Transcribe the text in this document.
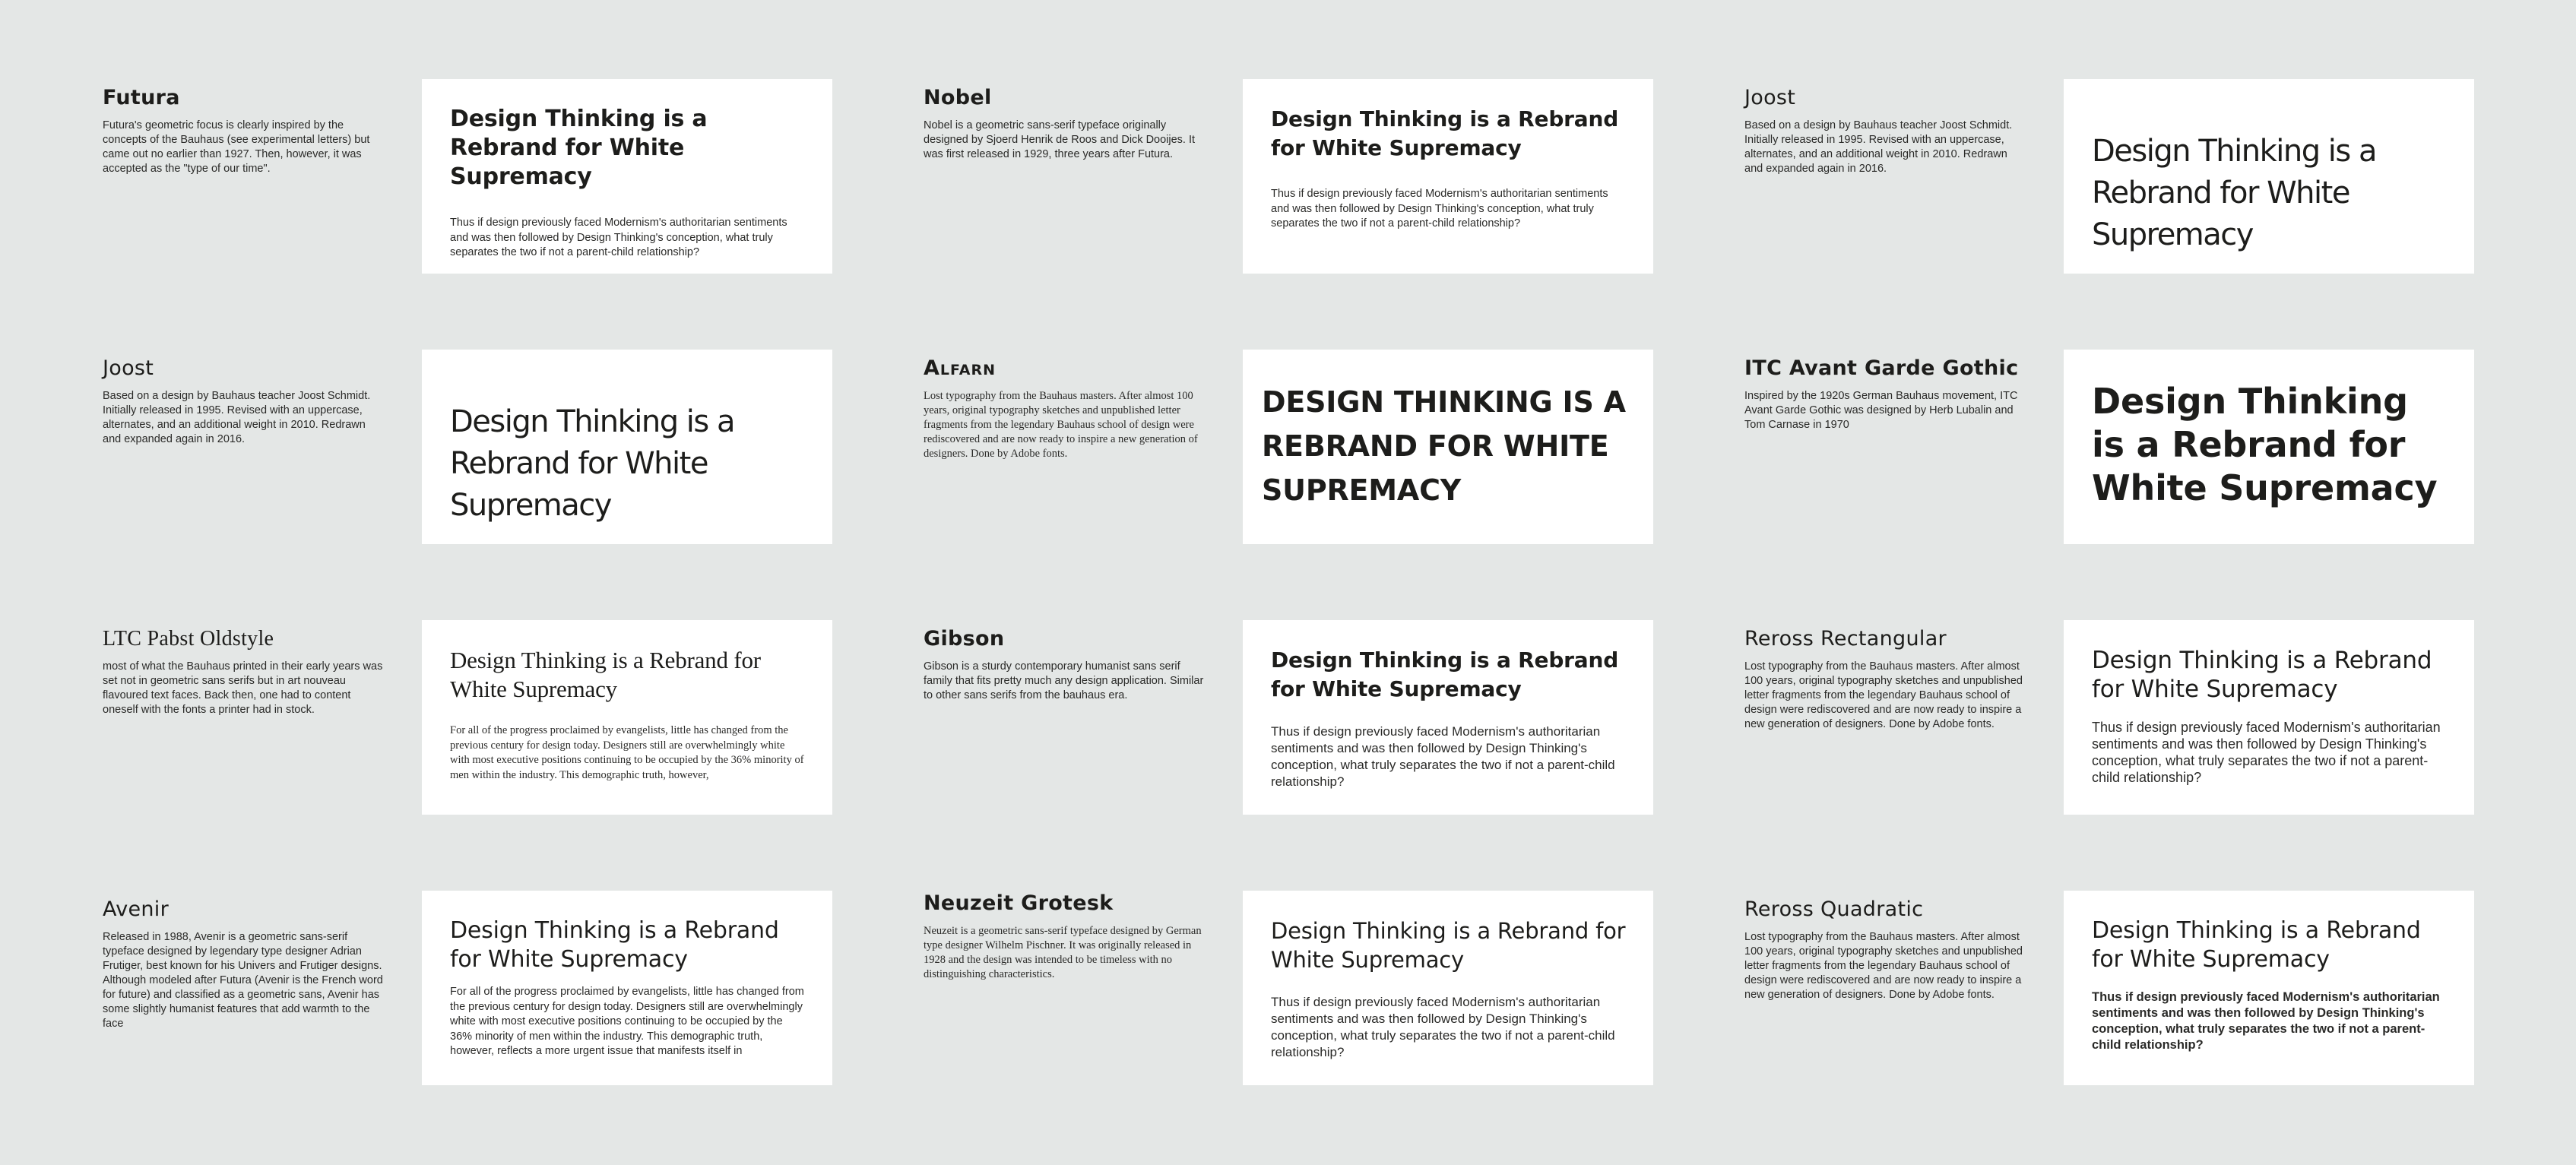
Futura

Futura's geometric focus is clearly inspired by the concepts of the Bauhaus (see experimental letters) but came out no earlier than 1927. Then, however, it was accepted as the "type of our time".

Design Thinking is a Rebrand for White Supremacy

Thus if design previously faced Modernism's authoritarian sentiments and was then followed by Design Thinking's conception, what truly separates the two if not a parent-child relationship?

Nobel

Nobel is a geometric sans-serif typeface originally designed by Sjoerd Henrik de Roos and Dick Dooijes. It was first released in 1929, three years after Futura.

Design Thinking is a Rebrand for White Supremacy

Thus if design previously faced Modernism's authoritarian sentiments and was then followed by Design Thinking's conception, what truly separates the two if not a parent-child relationship?

Joost

Based on a design by Bauhaus teacher Joost Schmidt. Initially released in 1995. Revised with an uppercase, alternates, and an additional weight in 2010. Redrawn and expanded again in 2016.	Design Thinking is a Rebrand for White Supremacy
Joost

Based on a design by Bauhaus teacher Joost Schmidt. Initially released in 1995. Revised with an uppercase, alternates, and an additional weight in 2010. Redrawn and expanded again in 2016.	Design Thinking is a Rebrand for White Supremacy
Alfarn

Lost typography from the Bauhaus masters. After almost 100 years, original typography sketches and unpublished letter fragments from the legendary Bauhaus school of design were rediscovered and are now ready to inspire a new generation of designers. Done by Adobe fonts.

DESIGN THINKING IS A REBRAND FOR WHITE SUPREMACY
ITC Avant Garde Gothic

Inspired by the 1920s German Bauhaus movement, ITC Avant Garde Gothic was designed by Herb Lubalin and Tom Carnase in 1970

Design Thinking is a Rebrand for White Supremacy
LTC Pabst Oldstyle

most of what the Bauhaus printed in their early years was set not in geometric sans serifs but in art nouveau flavoured text faces. Back then, one had to content oneself with the fonts a printer had in stock.

Design Thinking is a Rebrand for White Supremacy

For all of the progress proclaimed by evangelists, little has changed from the previous century for design today. Designers still are overwhelmingly white with most executive positions continuing to be occupied by the 36% minority of men within the industry. This demographic truth, however,

Gibson

Gibson is a sturdy contemporary humanist sans serif family that fits pretty much any design application. Similar to other sans serifs from the bauhaus era.

Design Thinking is a Rebrand for White Supremacy

Thus if design previously faced Modernism's authoritarian sentiments and was then followed by Design Thinking's conception, what truly separates the two if not a parent-child relationship?

Reross Rectangular

Lost typography from the Bauhaus masters. After almost 100 years, original typography sketches and unpublished letter fragments from the legendary Bauhaus school of design were rediscovered and are now ready to inspire a new generation of designers. Done by Adobe fonts.

Design Thinking is a Rebrand for White Supremacy

Thus if design previously faced Modernism's authoritarian sentiments and was then followed by Design Thinking's conception, what truly separates the two if not a parent-child relationship?

Avenir

Released in 1988, Avenir is a geometric sans-serif typeface designed by legendary type designer Adrian Frutiger, best known for his Univers and Frutiger designs. Although modeled after Futura (Avenir is the French word for future) and classified as a geometric sans, Avenir has some slightly humanist features that add warmth to the face

Design Thinking is a Rebrand for White Supremacy

For all of the progress proclaimed by evangelists, little has changed from the previous century for design today. Designers still are overwhelmingly white with most executive positions continuing to be occupied by the 36% minority of men within the industry. This demographic truth, however, reflects a more urgent issue that manifests itself in

Neuzeit Grotesk

Neuzeit is a geometric sans-serif typeface designed by German type designer Wilhelm Pischner. It was originally released in 1928 and the design was intended to be timeless with no distinguishing characteristics.

Design Thinking is a Rebrand for White Supremacy

Thus if design previously faced Modernism's authoritarian sentiments and was then followed by Design Thinking's conception, what truly separates the two if not a parent-child relationship?

Reross Quadratic

Lost typography from the Bauhaus masters. After almost 100 years, original typography sketches and unpublished letter fragments from the legendary Bauhaus school of design were rediscovered and are now ready to inspire a new generation of designers. Done by Adobe fonts.

Design Thinking is a Rebrand for White Supremacy

Thus if design previously faced Modernism's authoritarian sentiments and was then followed by Design Thinking's conception, what truly separates the two if not a parent-child relationship?
